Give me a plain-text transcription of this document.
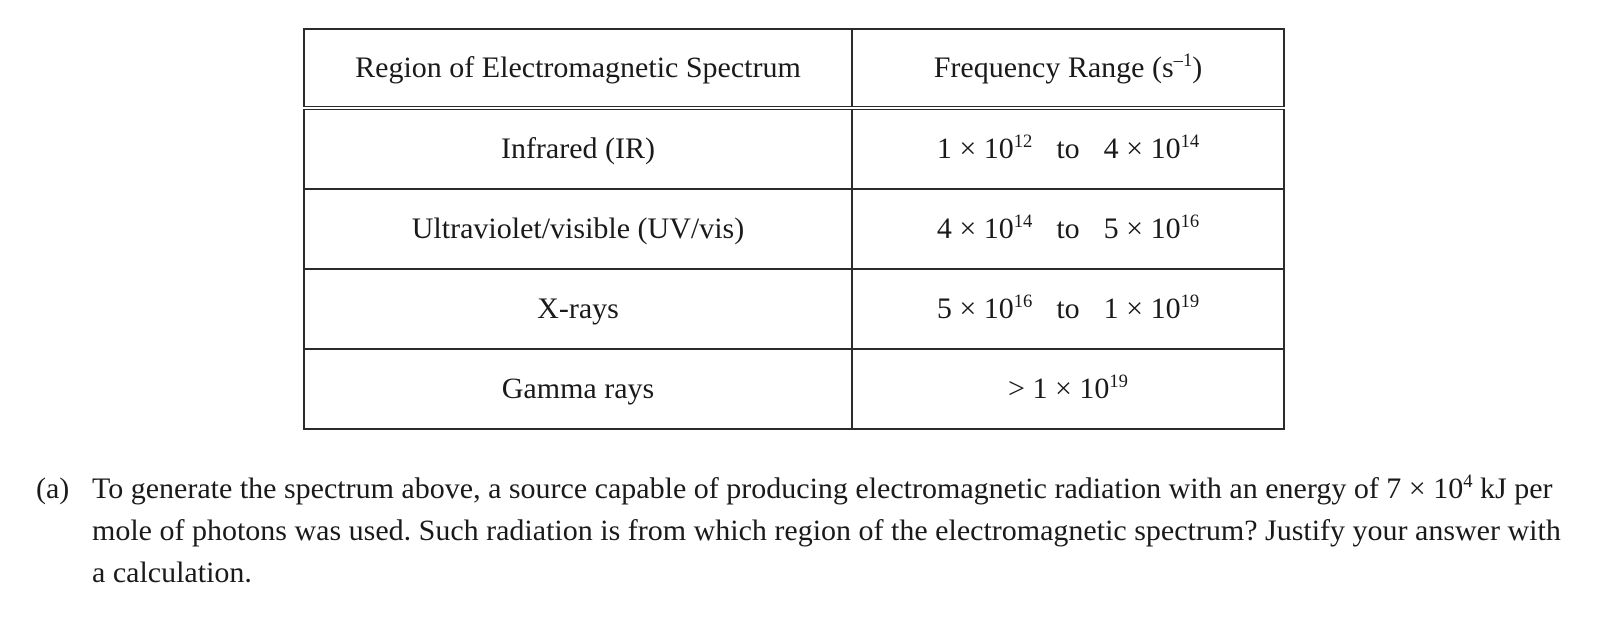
Region of Electromagnetic Spectrum	Frequency Range $(s^{-1})$
Infrared (IR)	$1 \times 10^{12}$ to $4 \times 10^{14}$
Ultraviolet/visible (UV/vis)	$4 \times 10^{14}$ to $5 \times 10^{16}$
X-rays	$5 \times 10^{16}$ to $1 \times 10^{19}$
Gamma rays	> $1 \times 10^{19}$
(a) To generate the spectrum above, a source capable of producing electromagnetic radiation with an energy of $7 \times 10^4$ kJ per mole of photons was used. Such radiation is from which region of the electromagnetic spectrum? Justify your answer with a calculation.
